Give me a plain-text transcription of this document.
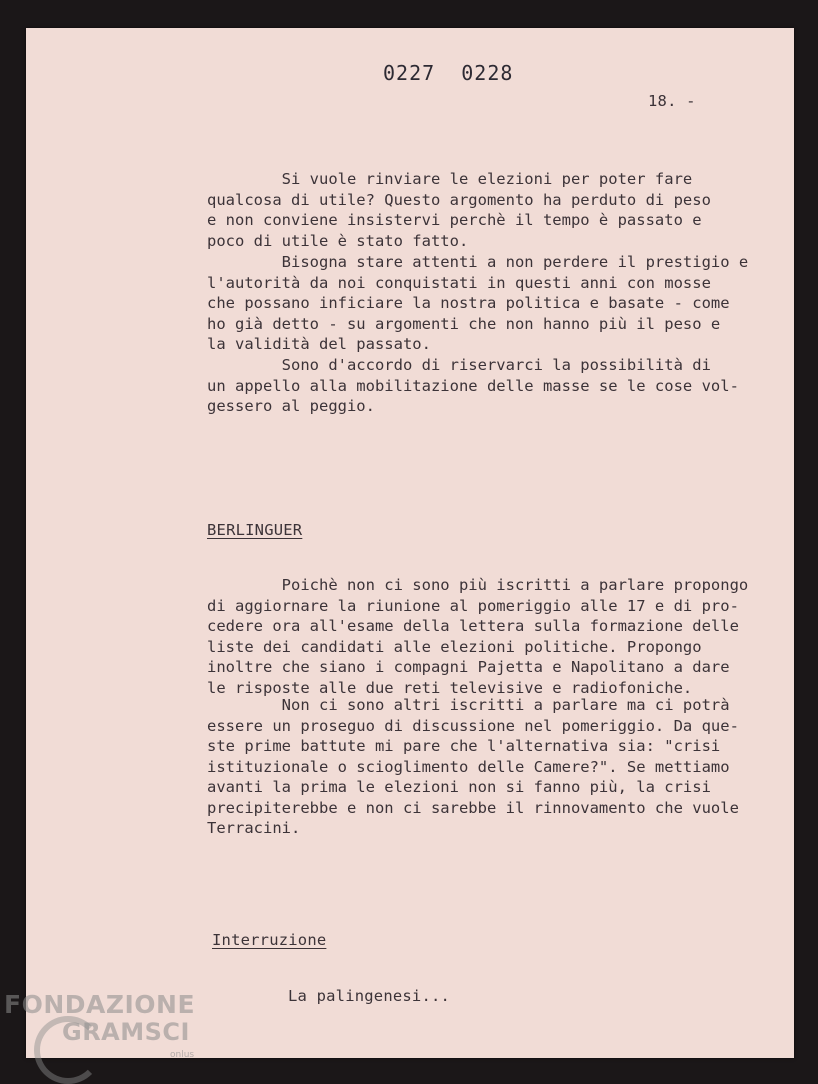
0227  0228
18. -
Si vuole rinviare le elezioni per poter fare
qualcosa di utile? Questo argomento ha perduto di peso
e non conviene insistervi perchè il tempo è passato e
poco di utile è stato fatto.
Bisogna stare attenti a non perdere il prestigio e
l'autorità da noi conquistati in questi anni con mosse
che possano inficiare la nostra politica e basate - come
ho già detto - su argomenti che non hanno più il peso e
la validità del passato.
Sono d'accordo di riservarci la possibilità di
un appello alla mobilitazione delle masse se le cose vol-
gessero al peggio.
BERLINGUER
Poichè non ci sono più iscritti a parlare propongo
di aggiornare la riunione al pomeriggio alle 17 e di pro-
cedere ora all'esame della lettera sulla formazione delle
liste dei candidati alle elezioni politiche. Propongo
inoltre che siano i compagni Pajetta e Napolitano a dare
le risposte alle due reti televisive e radiofoniche.
Non ci sono altri iscritti a parlare ma ci potrà
essere un proseguo di discussione nel pomeriggio. Da que-
ste prime battute mi pare che l'alternativa sia: "crisi
istituzionale o scioglimento delle Camere?". Se mettiamo
avanti la prima le elezioni non si fanno più, la crisi
precipiterebbe e non ci sarebbe il rinnovamento che vuole
Terracini.
Interruzione
La palingenesi...
FONDAZIONE
GRAMSCI
onlus
